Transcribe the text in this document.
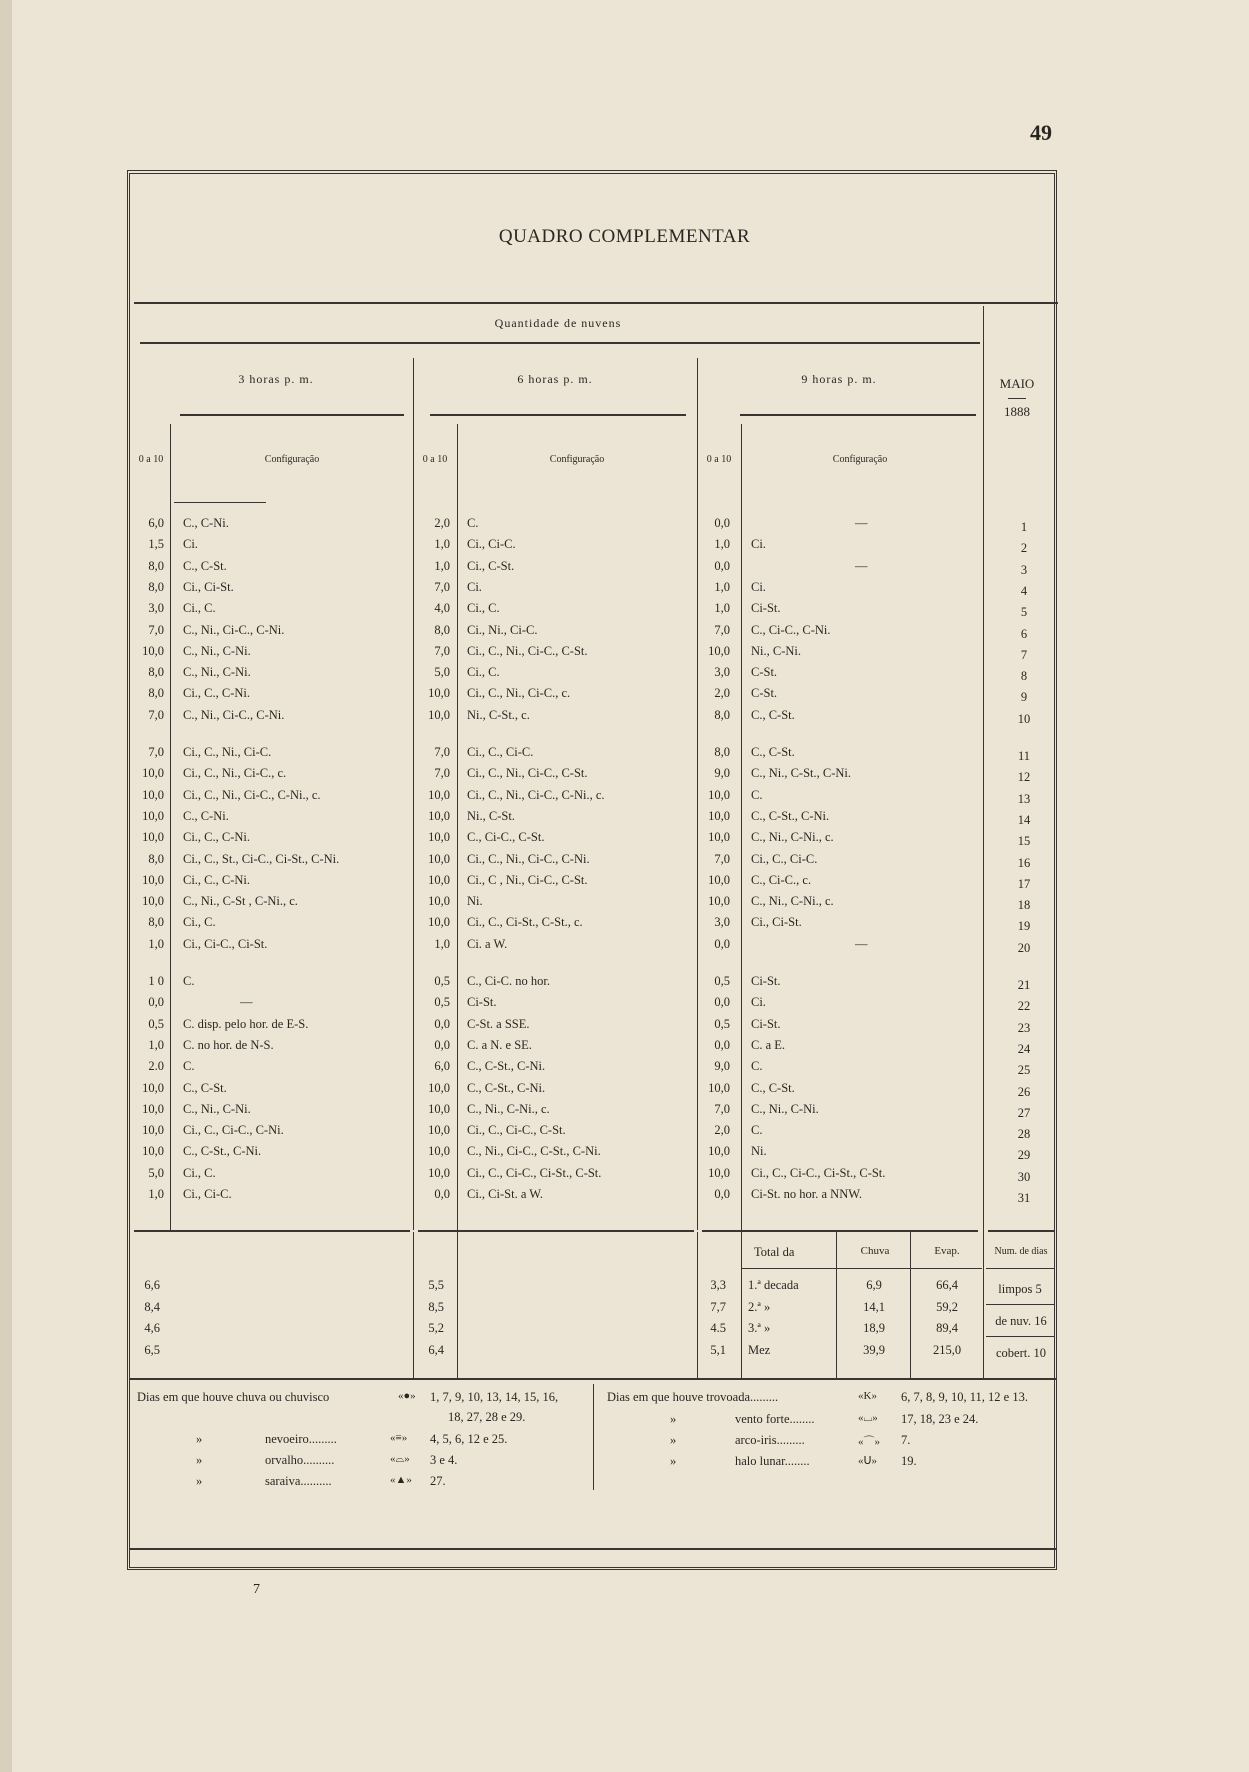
49
QUADRO COMPLEMENTAR
Quantidade de nuvens
3 horas p. m.	6 horas p. m.	9 horas p. m.	MAIO
1888
0 a 10	Configuração	0 a 10	Configuração	0 a 10	Configuração
6,0 C., C-Ni.	2,0 C.	0,0	—	1
1,5 Ci.	1,0 Ci., Ci-C.	1,0 Ci.	2
8,0 C., C-St.	1,0 Ci., C-St.	0,0	—	3
8,0 Ci., Ci-St.	7,0 Ci.	1,0 Ci.	4
3,0 Ci., C.	4,0 Ci., C.	1,0 Ci-St.	5
7,0 C., Ni., Ci-C., C-Ni.	8,0 Ci., Ni., Ci-C.	7,0 C., Ci-C., C-Ni.	6
10,0 C., Ni., C-Ni.	7,0 Ci., C., Ni., Ci-C., C-St.	10,0 Ni., C-Ni.	7
8,0 C., Ni., C-Ni.	5,0 Ci., C.	3,0 C-St.	8
8,0 Ci., C., C-Ni.	10,0 Ci., C., Ni., Ci-C., c.	2,0 C-St.	9
7,0 C., Ni., Ci-C., C-Ni.	10,0 Ni., C-St., c.	8,0 C., C-St.	10
7,0 Ci., C., Ni., Ci-C.	7,0 Ci., C., Ci-C.	8,0 C., C-St.	11
10,0 Ci., C., Ni., Ci-C., c.	7,0 Ci., C., Ni., Ci-C., C-St.	9,0 C., Ni., C-St., C-Ni.	12
10,0 Ci., C., Ni., Ci-C., C-Ni., c.	10,0 Ci., C., Ni., Ci-C., C-Ni., c.	10,0 C.	13
10,0 C., C-Ni.	10,0 Ni., C-St.	10,0 C., C-St., C-Ni.	14
10,0 Ci., C., C-Ni.	10,0 C., Ci-C., C-St.	10,0 C., Ni., C-Ni., c.	15
8,0 Ci., C., St., Ci-C., Ci-St., C-Ni.	10,0 Ci., C., Ni., Ci-C., C-Ni.	7,0 Ci., C., Ci-C.	16
10,0 Ci., C., C-Ni.	10,0 Ci., C , Ni., Ci-C., C-St.	10,0 C., Ci-C., c.	17
10,0 C., Ni., C-St , C-Ni., c.	10,0 Ni.	10,0 C., Ni., C-Ni., c.	18
8,0 Ci., C.	10,0 Ci., C., Ci-St., C-St., c.	3,0 Ci., Ci-St.	19
1,0 Ci., Ci-C., Ci-St.	1,0 Ci. a W.	0,0	—	20
1 0 C.	0,5 C., Ci-C. no hor.	0,5 Ci-St.	21
0,0	—	0,5 Ci-St.	0,0 Ci.	22
0,5 C. disp. pelo hor. de E-S.	0,0 C-St. a SSE.	0,5 Ci-St.	23
1,0 C. no hor. de N-S.	0,0 C. a N. e SE.	0,0 C. a E.	24
2.0 C.	6,0 C., C-St., C-Ni.	9,0 C.	25
10,0 C., C-St.	10,0 C., C-St., C-Ni.	10,0 C., C-St.	26
10,0 C., Ni., C-Ni.	10,0 C., Ni., C-Ni., c.	7,0 C., Ni., C-Ni.	27
10,0 Ci., C., Ci-C., C-Ni.	10,0 Ci., C., Ci-C., C-St.	2,0 C.	28
10,0 C., C-St., C-Ni.	10,0 C., Ni., Ci-C., C-St., C-Ni.	10,0 Ni.	29
5,0 Ci., C.	10,0 Ci., C., Ci-C., Ci-St., C-St.	10,0 Ci., C., Ci-C., Ci-St., C-St.	30
1,0 Ci., Ci-C.	0,0 Ci., Ci-St. a W.	0,0 Ci-St. no hor. a NNW.	31
Total da	Chuva	Evap.	Num. de dias
6,6	5,5	3,3 1.ª decada	6,9	66,4
8,4	8,5	7,7 2.ª »	14,1	59,2
4,6	5,2	4.5 3.ª »	18,9	89,4
6,5	6,4	5,1 Mez	39,9	215,0
limpos 5
de nuv. 16
cobert. 10
Dias em que houve chuva ou chuvisco	«●» 1, 7, 9, 10, 13, 14, 15, 16,
18, 27, 28 e 29.
»	nevoeiro.........	«≡» 4, 5, 6, 12 e 25.
»	orvalho..........	«⌓» 3 e 4.
»	saraiva..........	«▲» 27.
Dias em que houve trovoada.........	«K» 6, 7, 8, 9, 10, 11, 12 e 13.
»	vento forte........	«⌴» 17, 18, 23 e 24.
»	arco-iris.........	«⌒» 7.
»	halo lunar........	«ꓴ» 19.
7
